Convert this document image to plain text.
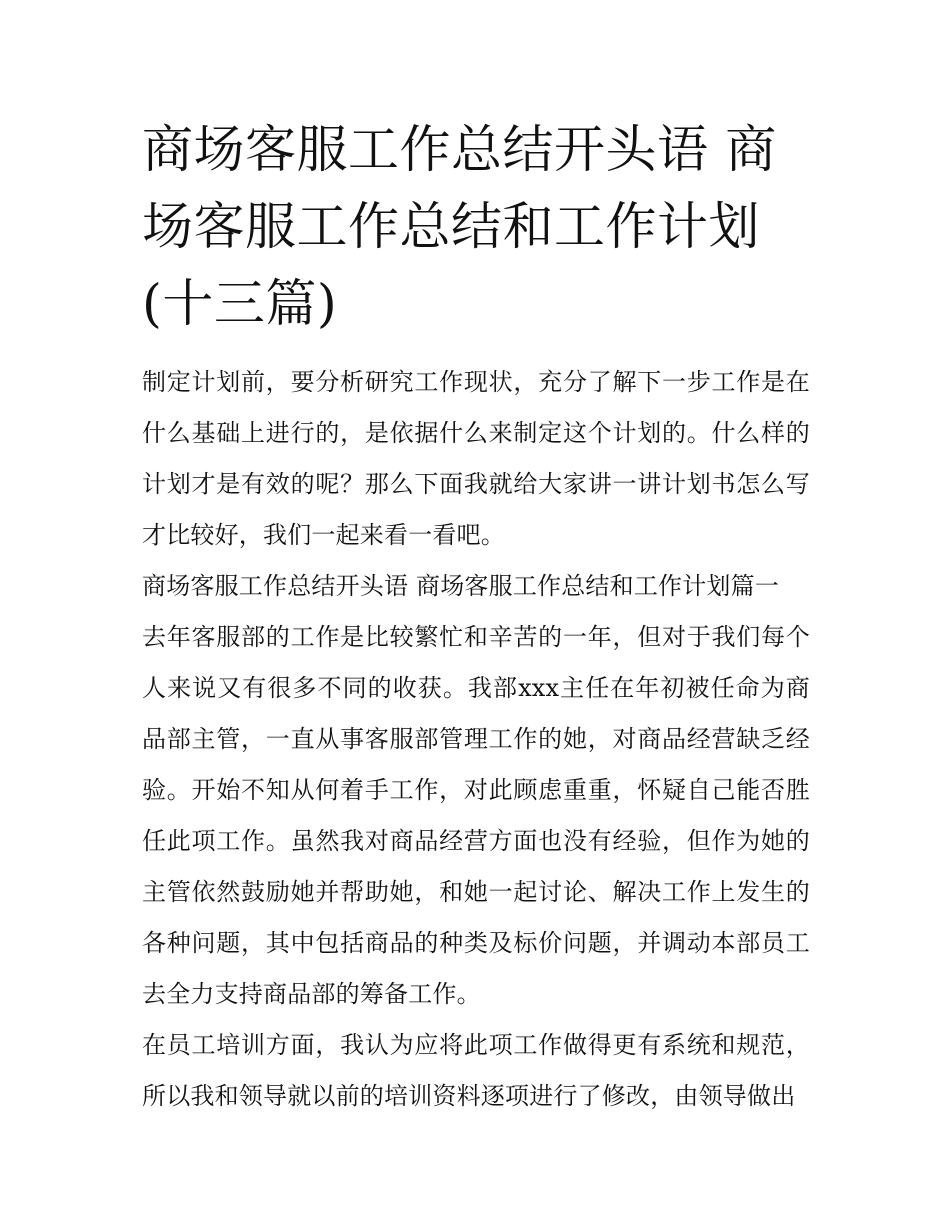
商场客服工作总结开头语 商场客服工作总结和工作计划(十三篇)

制定计划前，要分析研究工作现状，充分了解下一步工作是在什么基础上进行的，是依据什么来制定这个计划的。什么样的计划才是有效的呢？那么下面我就给大家讲一讲计划书怎么写才比较好，我们一起来看一看吧。

商场客服工作总结开头语 商场客服工作总结和工作计划篇一

去年客服部的工作是比较繁忙和辛苦的一年，但对于我们每个人来说又有很多不同的收获。我部xxx主任在年初被任命为商品部主管，一直从事客服部管理工作的她，对商品经营缺乏经验。开始不知从何着手工作，对此顾虑重重，怀疑自己能否胜任此项工作。虽然我对商品经营方面也没有经验，但作为她的主管依然鼓励她并帮助她，和她一起讨论、解决工作上发生的各种问题，其中包括商品的种类及标价问题，并调动本部员工去全力支持商品部的筹备工作。

在员工培训方面，我认为应将此项工作做得更有系统和规范，所以我和领导就以前的培训资料逐项进行了修改，由领导做出
